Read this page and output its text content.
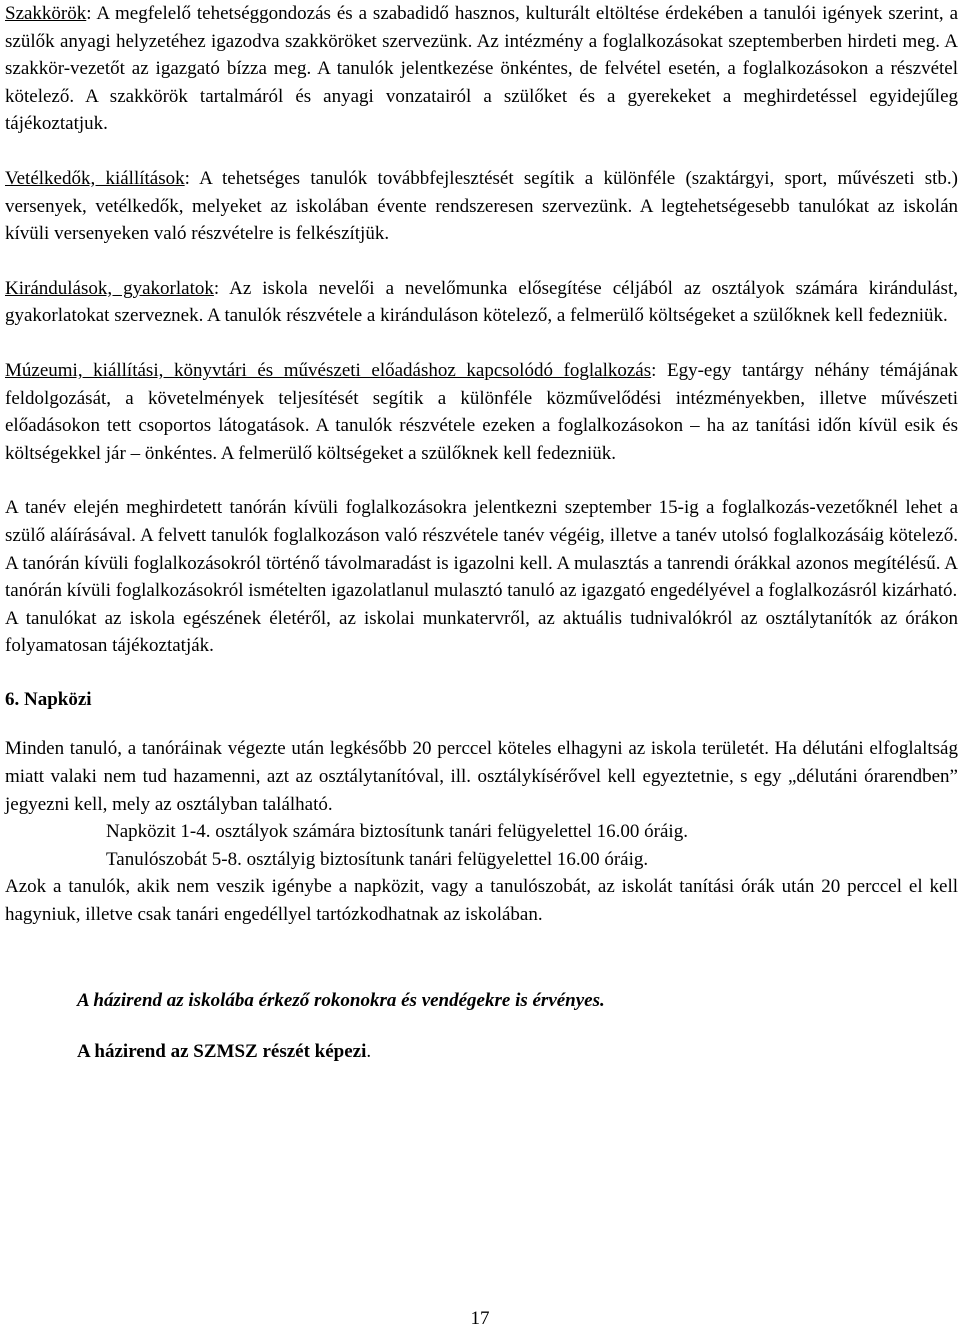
Szakkörök: A megfelelő tehetséggondozás és a szabadidő hasznos, kulturált eltöltése érdekében a tanulói igények szerint, a szülők anyagi helyzetéhez igazodva szakköröket szervezünk. Az intézmény a foglalkozásokat szeptemberben hirdeti meg. A szakkör-vezetőt az igazgató bízza meg. A tanulók jelentkezése önkéntes, de felvétel esetén, a foglalkozásokon a részvétel kötelező. A szakkörök tartalmáról és anyagi vonzatairól a szülőket és a gyerekeket a meghirdetéssel egyidejűleg tájékoztatjuk.

Vetélkedők, kiállítások: A tehetséges tanulók továbbfejlesztését segítik a különféle (szaktárgyi, sport, művészeti stb.) versenyek, vetélkedők, melyeket az iskolában évente rendszeresen szervezünk. A legtehetségesebb tanulókat az iskolán kívüli versenyeken való részvételre is felkészítjük.

Kirándulások, gyakorlatok: Az iskola nevelői a nevelőmunka elősegítése céljából az osztályok számára kirándulást, gyakorlatokat szerveznek. A tanulók részvétele a kiránduláson kötelező, a felmerülő költségeket a szülőknek kell fedezniük.

Múzeumi, kiállítási, könyvtári és művészeti előadáshoz kapcsolódó foglalkozás: Egy-egy tantárgy néhány témájának feldolgozását, a követelmények teljesítését segítik a különféle közművelődési intézményekben, illetve művészeti előadásokon tett csoportos látogatások. A tanulók részvétele ezeken a foglalkozásokon – ha az tanítási időn kívül esik és költségekkel jár – önkéntes. A felmerülő költségeket a szülőknek kell fedezniük.

A tanév elején meghirdetett tanórán kívüli foglalkozásokra jelentkezni szeptember 15-ig a foglalkozás-vezetőknél lehet a szülő aláírásával. A felvett tanulók foglalkozáson való részvétele tanév végéig, illetve a tanév utolsó foglalkozásáig kötelező. A tanórán kívüli foglalkozásokról történő távolmaradást is igazolni kell. A mulasztás a tanrendi órákkal azonos megítélésű. A tanórán kívüli foglalkozásokról ismételten igazolatlanul mulasztó tanuló az igazgató engedélyével a foglalkozásról kizárható.

A tanulókat az iskola egészének életéről, az iskolai munkatervről, az aktuális tudnivalókról az osztálytanítók az órákon folyamatosan tájékoztatják.

6. Napközi

Minden tanuló, a tanóráinak végezte után legkésőbb 20 perccel köteles elhagyni az iskola területét. Ha délutáni elfoglaltság miatt valaki nem tud hazamenni, azt az osztálytanítóval, ill. osztálykísérővel kell egyeztetnie, s egy „délutáni órarendben” jegyezni kell, mely az osztályban található.

Napközit 1-4. osztályok számára biztosítunk tanári felügyelettel 16.00 óráig.

Tanulószobát 5-8. osztályig biztosítunk tanári felügyelettel 16.00 óráig.

Azok a tanulók, akik nem veszik igénybe a napközit, vagy a tanulószobát, az iskolát tanítási órák után 20 perccel el kell hagyniuk, illetve csak tanári engedéllyel tartózkodhatnak az iskolában.

A házirend az iskolába érkező rokonokra és vendégekre is érvényes.

A házirend az SZMSZ részét képezi.

17
